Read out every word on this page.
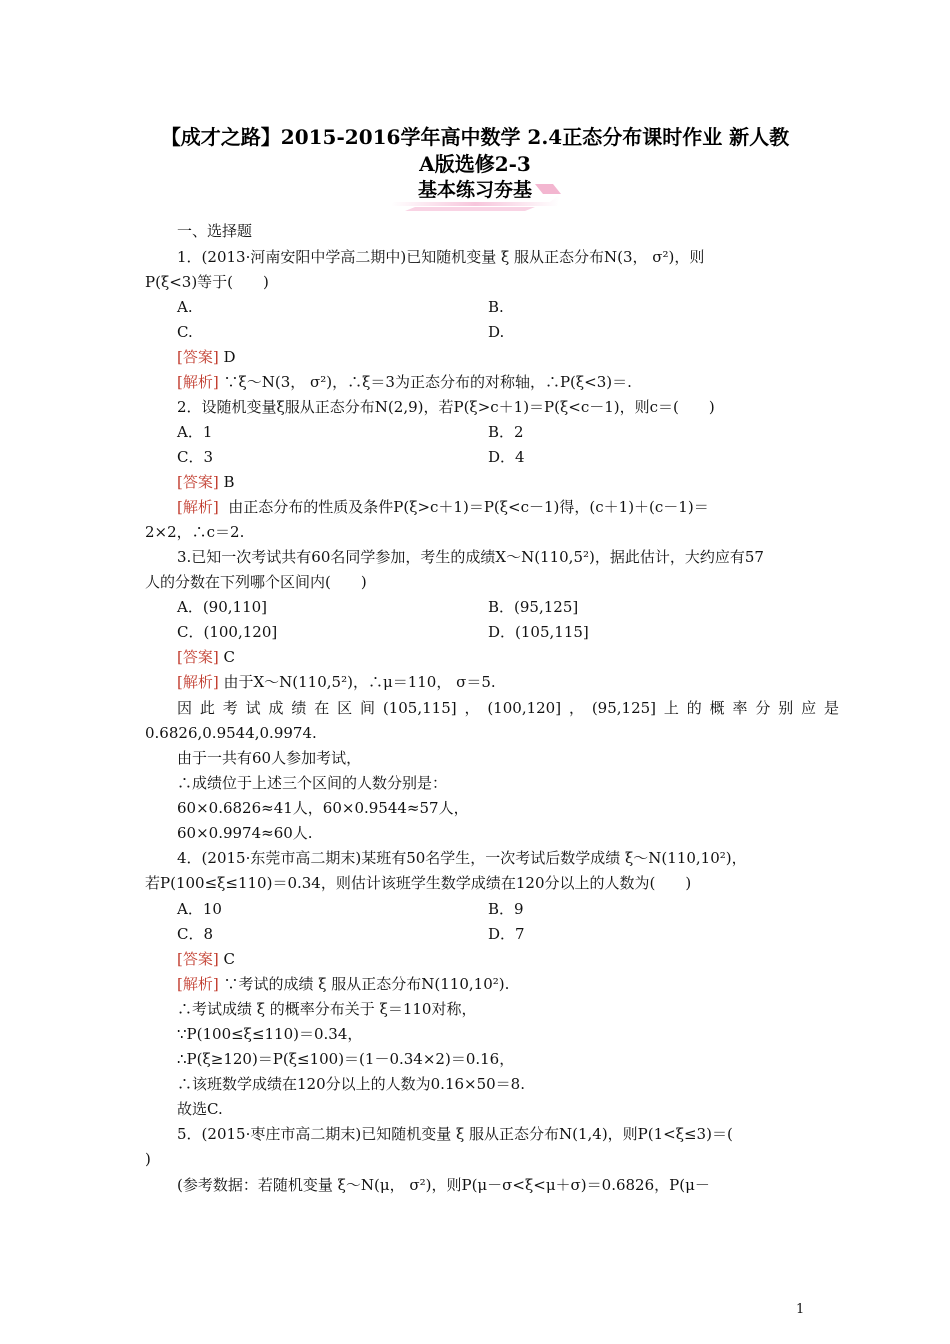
【成才之路】2015-2016学年高中数学 2.4正态分布课时作业 新人教
A版选修2-3
基本练习夯基
一、选择题
1．(2013·河南安阳中学高二期中)已知随机变量 ξ 服从正态分布N(3， σ²)，则
P(ξ<3)等于(　　)
A.	B.
C.	D.
[答案] D
[解析] ∵ξ～N(3， σ²)，∴ξ＝3为正态分布的对称轴，∴P(ξ<3)＝.
2．设随机变量ξ服从正态分布N(2,9)，若P(ξ>c＋1)＝P(ξ<c－1)，则c＝(　　)
A．1	B．2
C．3	D．4
[答案] B
[解析]  由正态分布的性质及条件P(ξ>c＋1)＝P(ξ<c－1)得，(c＋1)＋(c－1)＝
2×2，∴c＝2.
3.已知一次考试共有60名同学参加，考生的成绩X～N(110,5²)，据此估计，大约应有57
人的分数在下列哪个区间内(　　)
A．(90,110]	B．(95,125]
C．(100,120]	D．(105,115]
[答案] C
[解析] 由于X～N(110,5²)，∴μ＝110， σ＝5.
因此考试成绩在区间(105,115]，(100,120]，(95,125]上的概率分别应是
0.6826,0.9544,0.9974.
由于一共有60人参加考试，
∴成绩位于上述三个区间的人数分别是：
60×0.6826≈41人，60×0.9544≈57人，
60×0.9974≈60人.
4．(2015·东莞市高二期末)某班有50名学生，一次考试后数学成绩 ξ～N(110,10²)，
若P(100≤ξ≤110)＝0.34，则估计该班学生数学成绩在120分以上的人数为(　　)
A．10	B．9
C．8	D．7
[答案] C
[解析] ∵考试的成绩 ξ 服从正态分布N(110,10²).
∴考试成绩 ξ 的概率分布关于 ξ＝110对称，
∵P(100≤ξ≤110)＝0.34，
∴P(ξ≥120)＝P(ξ≤100)＝(1－0.34×2)＝0.16，
∴该班数学成绩在120分以上的人数为0.16×50＝8.
故选C.
5．(2015·枣庄市高二期末)已知随机变量 ξ 服从正态分布N(1,4)，则P(1<ξ≤3)＝(
)
(参考数据：若随机变量 ξ～N(μ， σ²)，则P(μ－σ<ξ<μ＋σ)＝0.6826，P(μ－
1
